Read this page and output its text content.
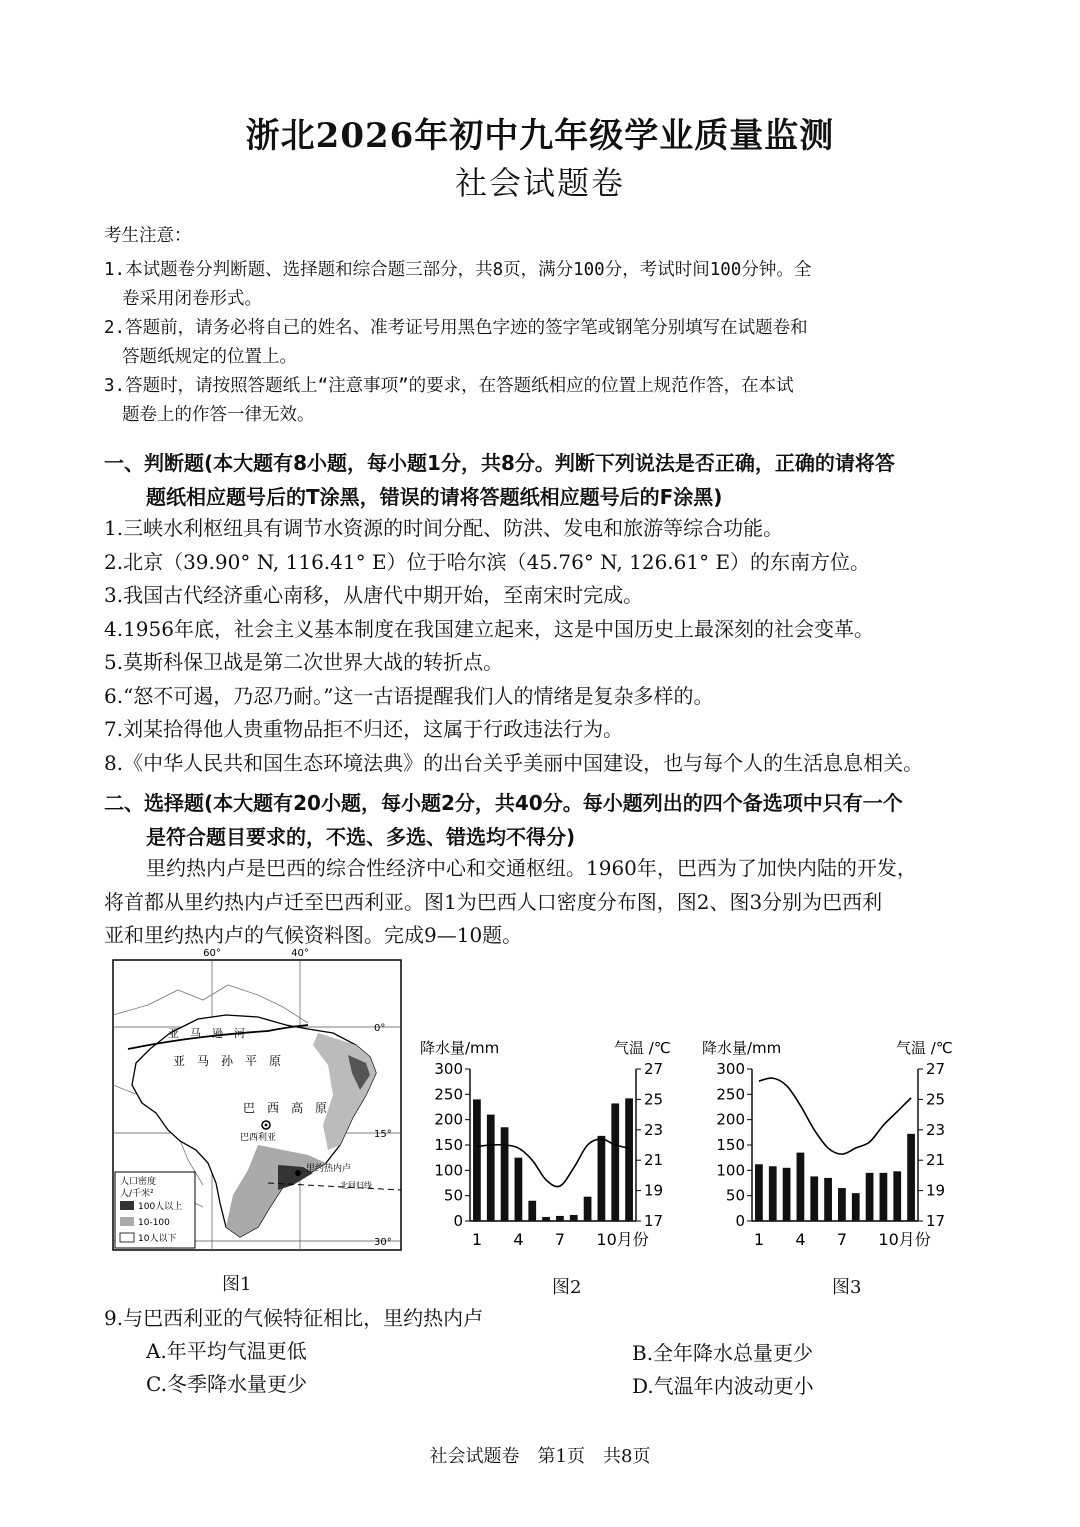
浙北2026年初中九年级学业质量监测
社会试题卷
考生注意：
1.本试题卷分判断题、选择题和综合题三部分，共8页，满分100分，考试时间100分钟。全
卷采用闭卷形式。
2.答题前，请务必将自己的姓名、准考证号用黑色字迹的签字笔或钢笔分别填写在试题卷和
答题纸规定的位置上。
3.答题时，请按照答题纸上“注意事项”的要求，在答题纸相应的位置上规范作答，在本试
题卷上的作答一律无效。
一、判断题(本大题有8小题，每小题1分，共8分。判断下列说法是否正确，正确的请将答
题纸相应题号后的T涂黑，错误的请将答题纸相应题号后的F涂黑)
1.三峡水利枢纽具有调节水资源的时间分配、防洪、发电和旅游等综合功能。
2.北京（39.90° N, 116.41° E）位于哈尔滨（45.76° N, 126.61° E）的东南方位。
3.我国古代经济重心南移，从唐代中期开始，至南宋时完成。
4.1956年底，社会主义基本制度在我国建立起来，这是中国历史上最深刻的社会变革。
5.莫斯科保卫战是第二次世界大战的转折点。
6.“怒不可遏，乃忍乃耐。”这一古语提醒我们人的情绪是复杂多样的。
7.刘某拾得他人贵重物品拒不归还，这属于行政违法行为。
8.《中华人民共和国生态环境法典》的出台关乎美丽中国建设，也与每个人的生活息息相关。
二、选择题(本大题有20小题，每小题2分，共40分。每小题列出的四个备选项中只有一个
是符合题目要求的，不选、多选、错选均不得分)
里约热内卢是巴西的综合性经济中心和交通枢纽。1960年，巴西为了加快内陆的开发，
将首都从里约热内卢迁至巴西利亚。图1为巴西人口密度分布图，图2、图3分别为巴西利
亚和里约热内卢的气候资料图。完成9—10题。
60°	40°
0°
15°
30°
亚　马　逊　河
亚　马　孙　平　原
巴　西　高　原
巴西利亚
里约热内卢
北回归线
人口密度
人/千米²
100人以上
10-100
10人以下
降水量/mm	气温 /℃
0
50
100
150
200
250
300
17
19
21
23
25
27
1 4 7 10月份
降水量/mm	气温 /℃
0
50
100
150
200
250
300
17
19
21
23
25
27
1 4 7 10月份
图1	图2	图3
9.与巴西利亚的气候特征相比，里约热内卢
A.年平均气温更低	B.全年降水总量更少
C.冬季降水量更少	D.气温年内波动更小
社会试题卷　第1页　共8页
